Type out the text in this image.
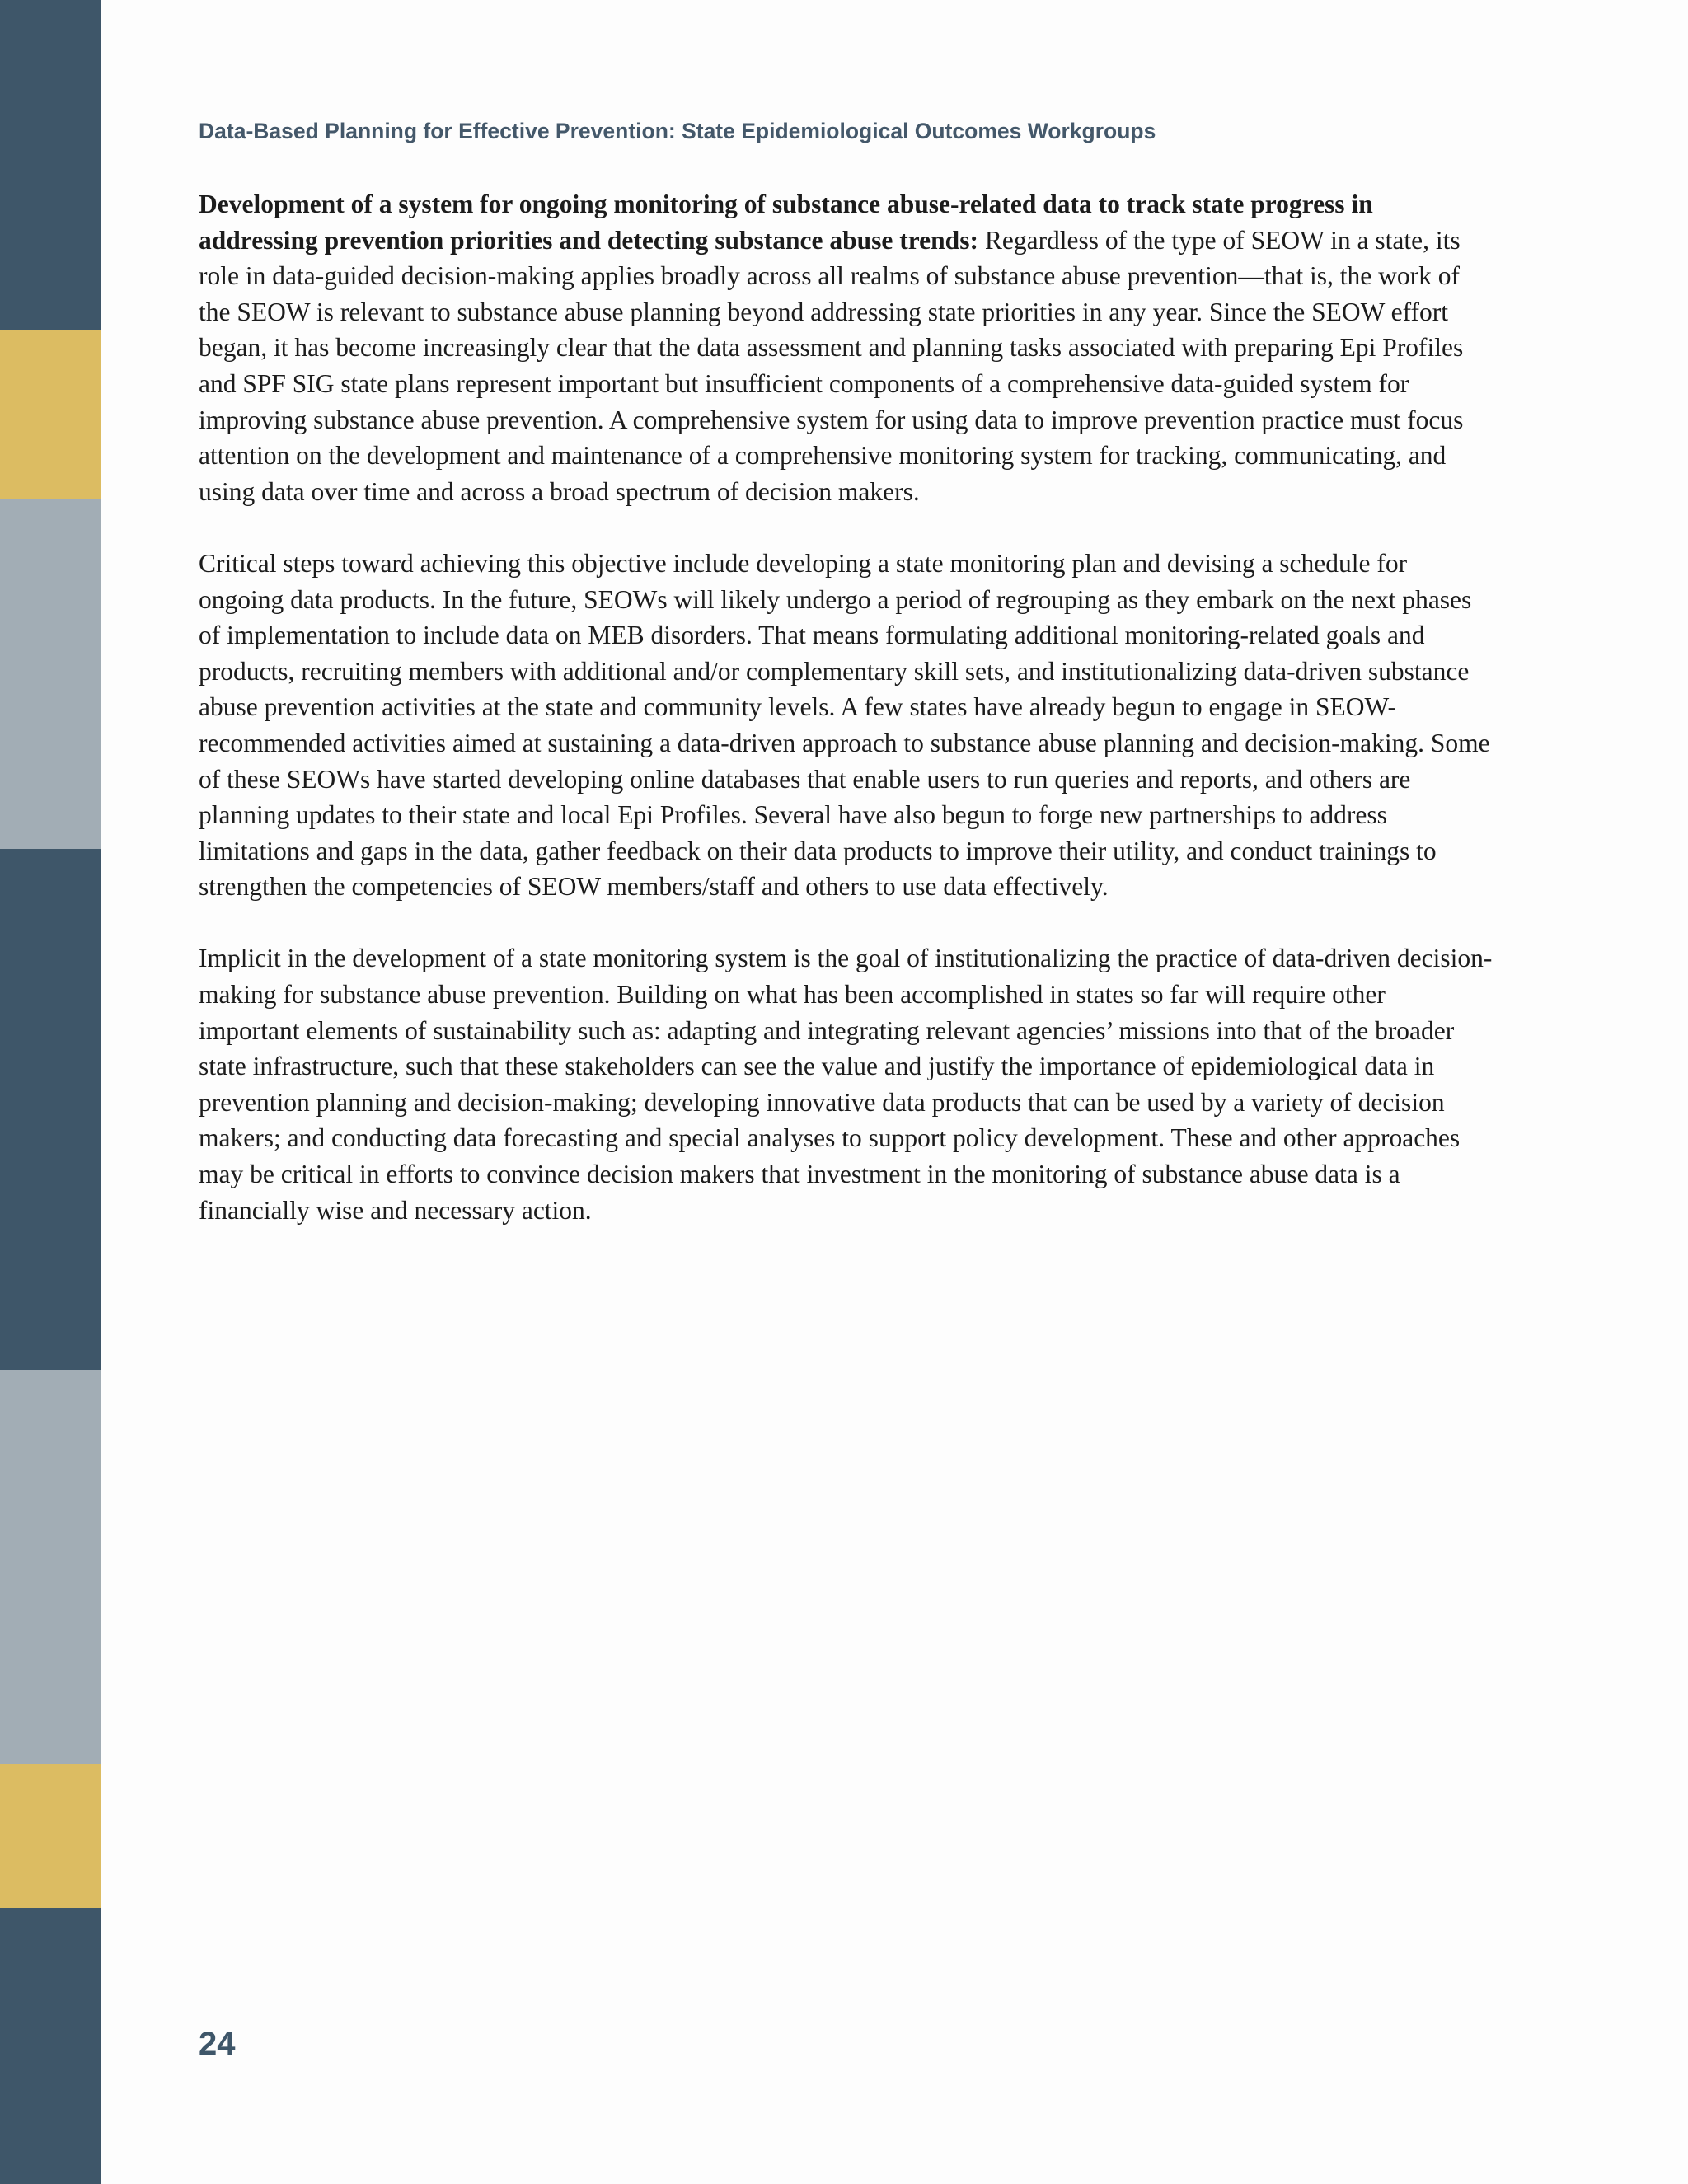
Data-Based Planning for Effective Prevention: State Epidemiological Outcomes Workgroups

Development of a system for ongoing monitoring of substance abuse-related data to track state progress in addressing prevention priorities and detecting substance abuse trends: Regardless of the type of SEOW in a state, its role in data-guided decision-making applies broadly across all realms of substance abuse prevention—that is, the work of the SEOW is relevant to substance abuse planning beyond addressing state priorities in any year. Since the SEOW effort began, it has become increasingly clear that the data assessment and planning tasks associated with preparing Epi Profiles and SPF SIG state plans represent important but insufficient components of a comprehensive data-guided system for improving substance abuse prevention. A comprehensive system for using data to improve prevention practice must focus attention on the development and maintenance of a comprehensive monitoring system for tracking, communicating, and using data over time and across a broad spectrum of decision makers.

Critical steps toward achieving this objective include developing a state monitoring plan and devising a schedule for ongoing data products. In the future, SEOWs will likely undergo a period of regrouping as they embark on the next phases of implementation to include data on MEB disorders. That means formulating additional monitoring-related goals and products, recruiting members with additional and/or complementary skill sets, and institutionalizing data-driven substance abuse prevention activities at the state and community levels. A few states have already begun to engage in SEOW-recommended activities aimed at sustaining a data-driven approach to substance abuse planning and decision-making. Some of these SEOWs have started developing online databases that enable users to run queries and reports, and others are planning updates to their state and local Epi Profiles. Several have also begun to forge new partnerships to address limitations and gaps in the data, gather feedback on their data products to improve their utility, and conduct trainings to strengthen the competencies of SEOW members/staff and others to use data effectively.

Implicit in the development of a state monitoring system is the goal of institutionalizing the practice of data-driven decision-making for substance abuse prevention. Building on what has been accomplished in states so far will require other important elements of sustainability such as: adapting and integrating relevant agencies’ missions into that of the broader state infrastructure, such that these stakeholders can see the value and justify the importance of epidemiological data in prevention planning and decision-making; developing innovative data products that can be used by a variety of decision makers; and conducting data forecasting and special analyses to support policy development. These and other approaches may be critical in efforts to convince decision makers that investment in the monitoring of substance abuse data is a financially wise and necessary action.

24
